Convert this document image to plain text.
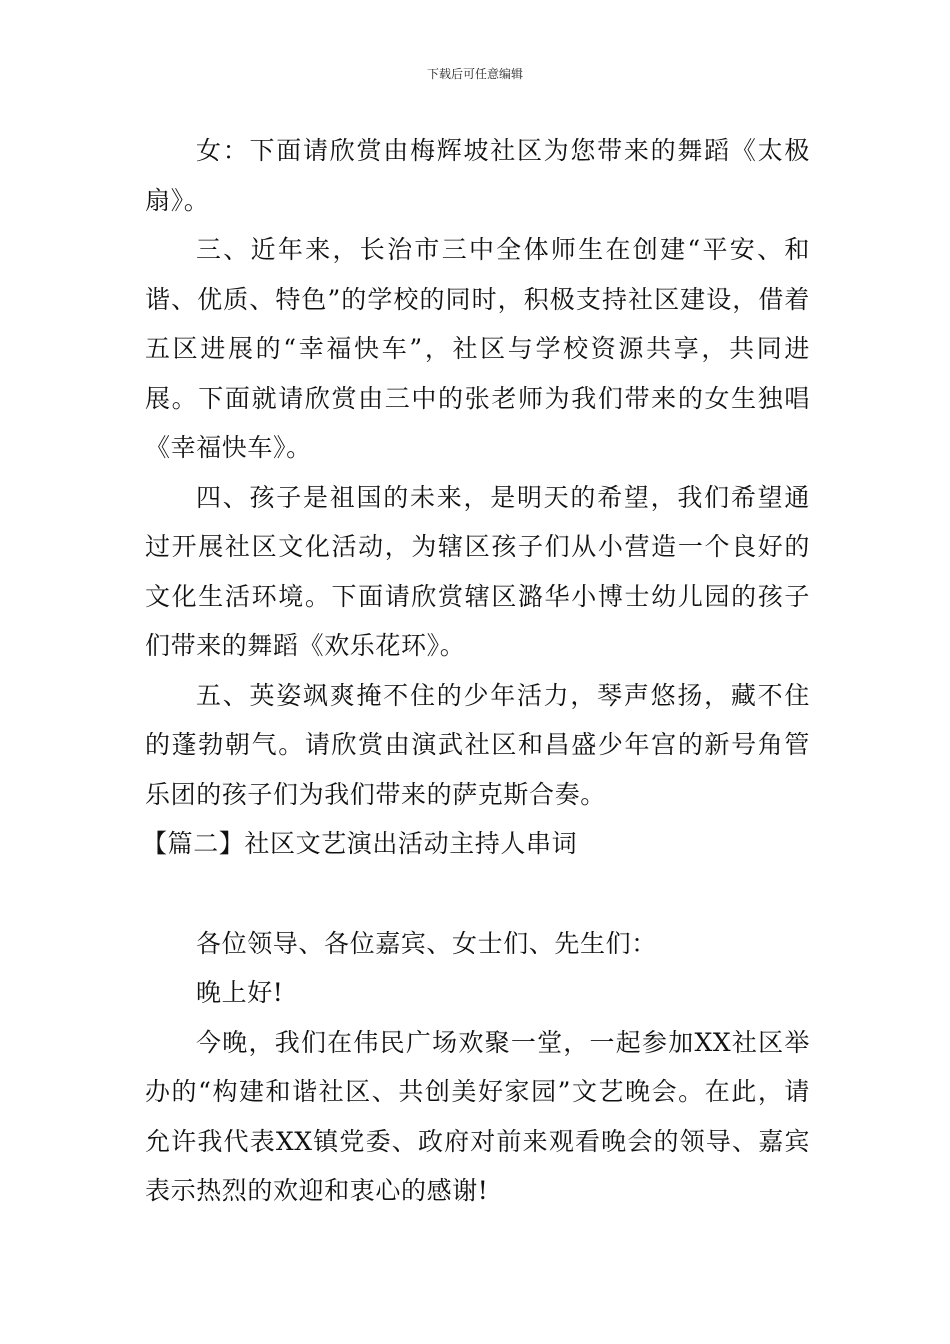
下载后可任意编辑

女：下面请欣赏由梅辉坡社区为您带来的舞蹈《太极扇》。

三、近年来，长治市三中全体师生在创建“平安、和谐、优质、特色”的学校的同时，积极支持社区建设，借着五区进展的“幸福快车”，社区与学校资源共享，共同进展。下面就请欣赏由三中的张老师为我们带来的女生独唱《幸福快车》。

四、孩子是祖国的未来，是明天的希望，我们希望通过开展社区文化活动，为辖区孩子们从小营造一个良好的文化生活环境。下面请欣赏辖区潞华小博士幼儿园的孩子们带来的舞蹈《欢乐花环》。

五、英姿飒爽掩不住的少年活力，琴声悠扬，藏不住的蓬勃朝气。请欣赏由演武社区和昌盛少年宫的新号角管乐团的孩子们为我们带来的萨克斯合奏。

【篇二】社区文艺演出活动主持人串词

各位领导、各位嘉宾、女士们、先生们：

晚上好!

今晚，我们在伟民广场欢聚一堂，一起参加XX社区举办的“构建和谐社区、共创美好家园”文艺晚会。在此，请允许我代表XX镇党委、政府对前来观看晚会的领导、嘉宾表示热烈的欢迎和衷心的感谢!
